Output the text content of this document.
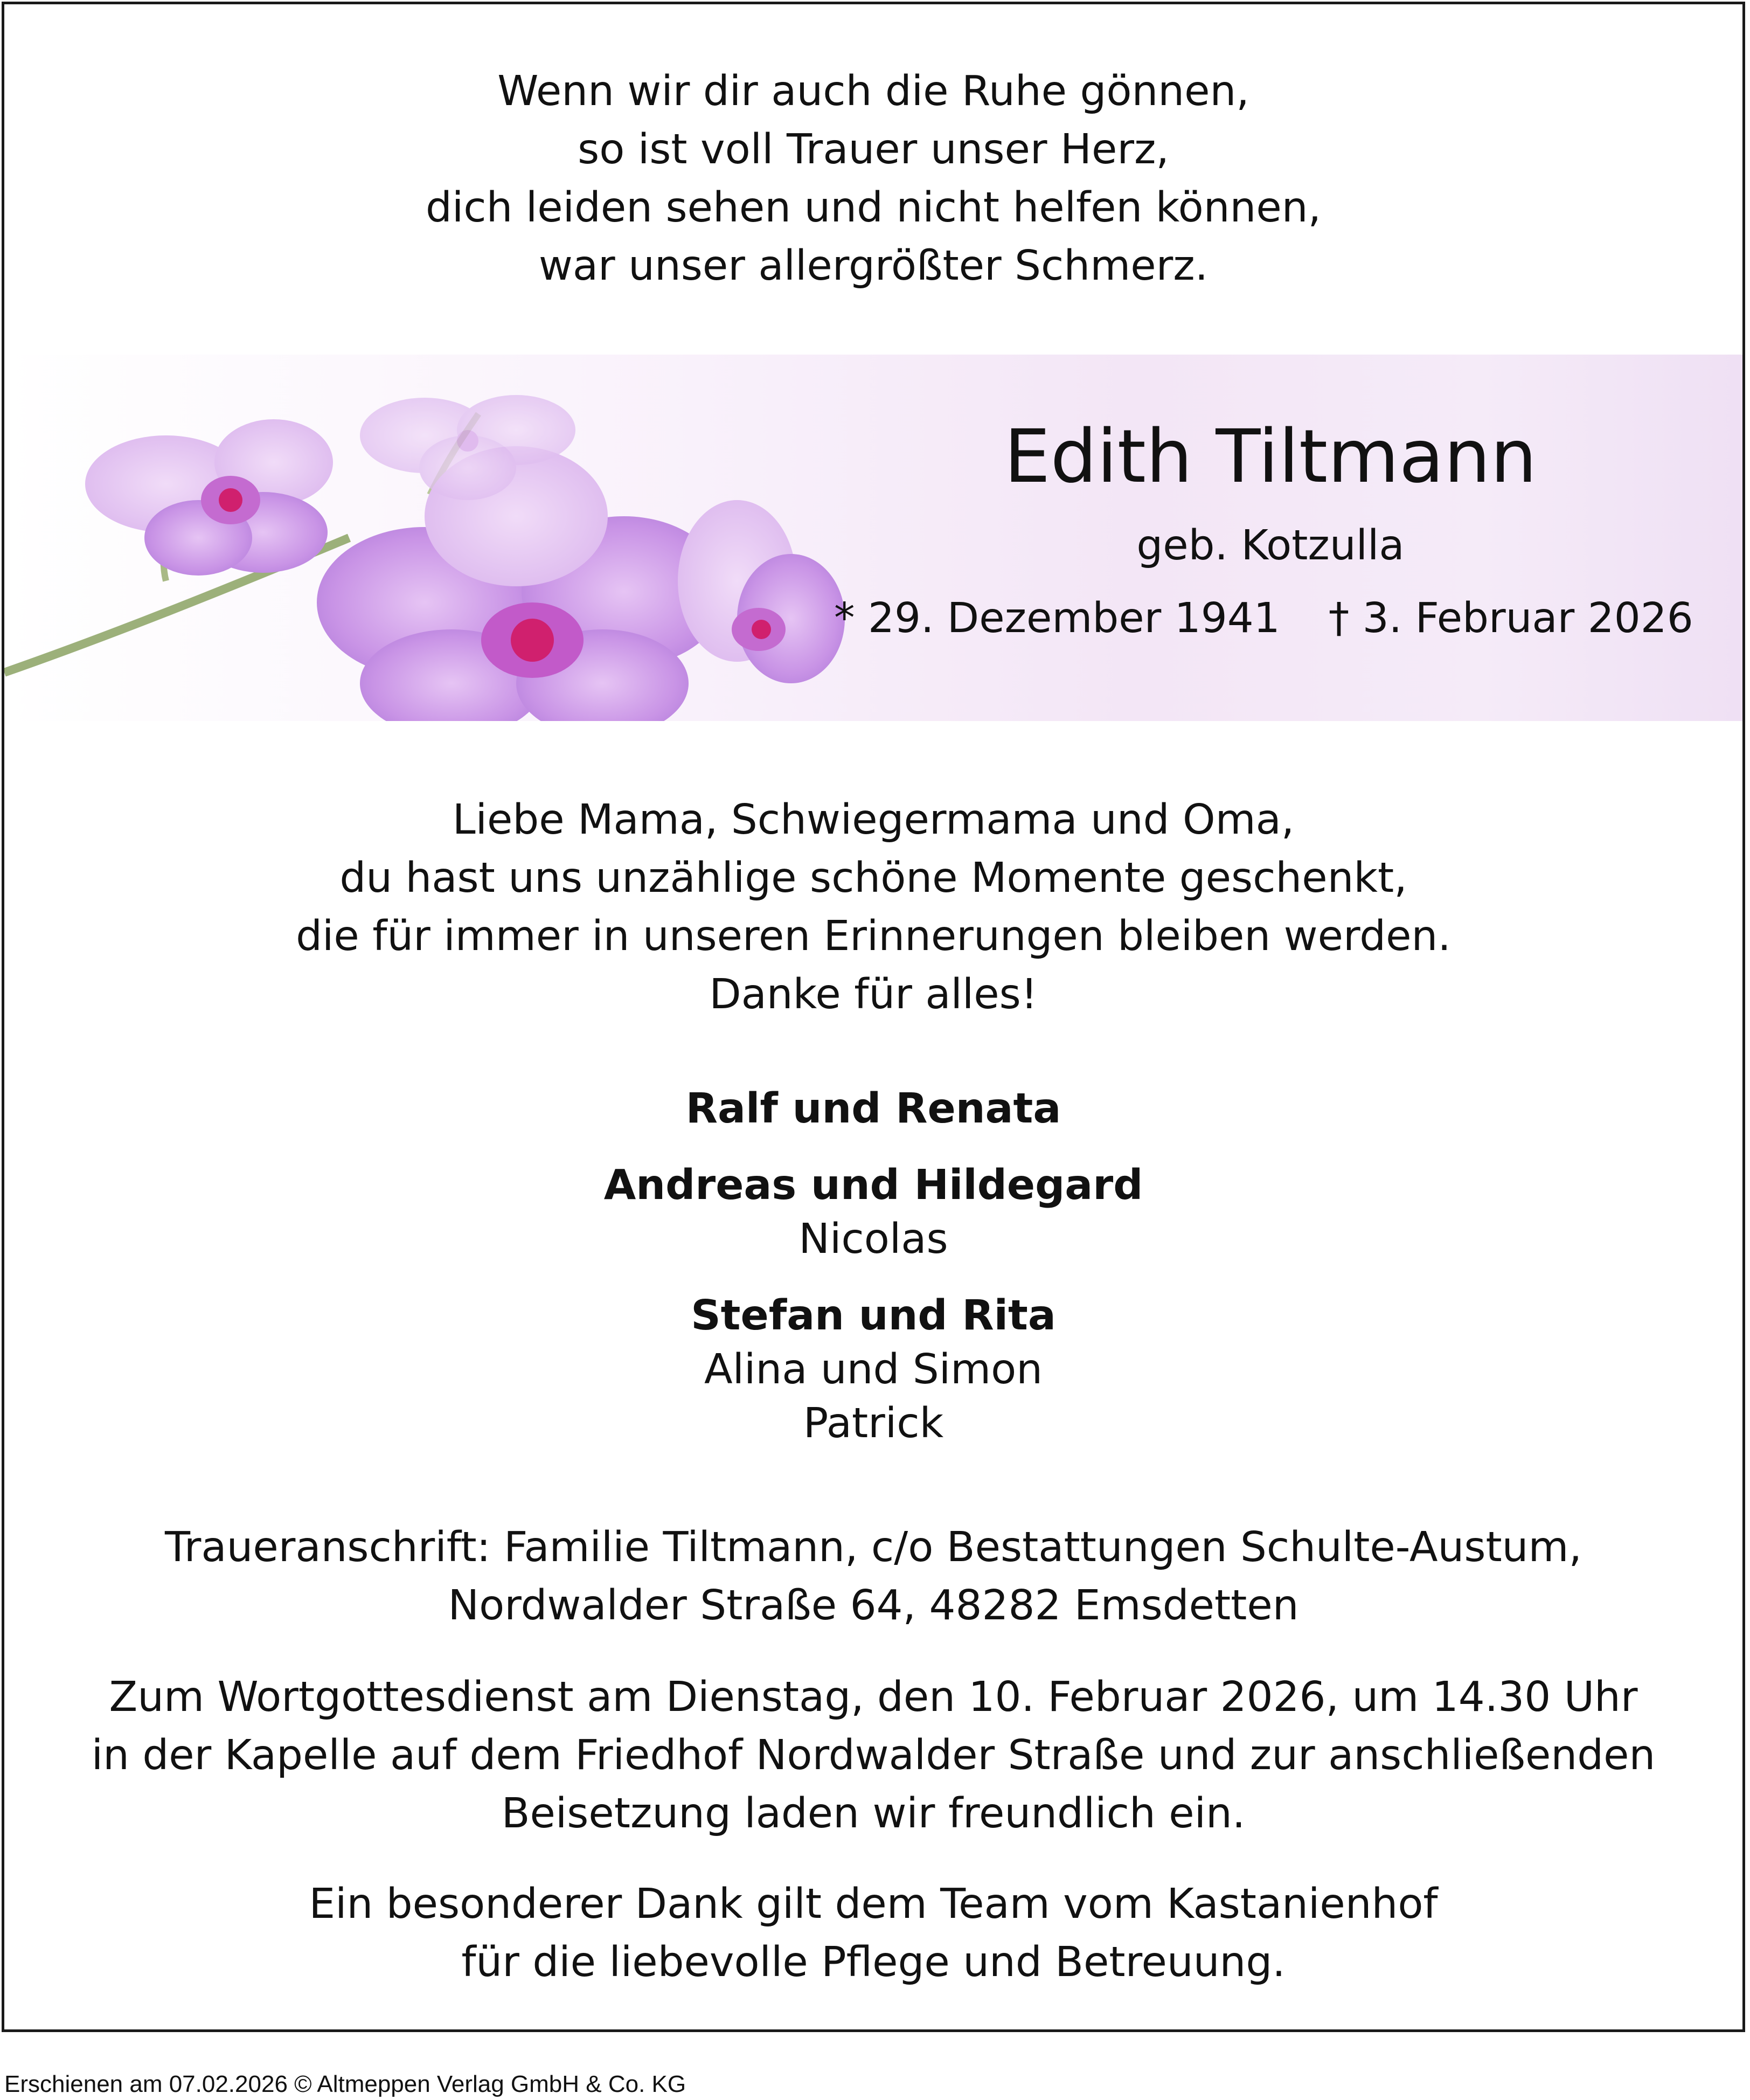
Wenn wir dir auch die Ruhe gönnen,
so ist voll Trauer unser Herz,
dich leiden sehen und nicht helfen können,
war unser allergrößter Schmerz.
Edith Tiltmann
geb. Kotzulla
* 29. Dezember 1941 † 3. Februar 2026
Liebe Mama, Schwiegermama und Oma,
du hast uns unzählige schöne Momente geschenkt,
die für immer in unseren Erinnerungen bleiben werden.
Danke für alles!
Ralf und Renata
Andreas und Hildegard
Nicolas
Stefan und Rita
Alina und Simon
Patrick
Traueranschrift: Familie Tiltmann, c/o Bestattungen Schulte-Austum,
Nordwalder Straße 64, 48282 Emsdetten
Zum Wortgottesdienst am Dienstag, den 10. Februar 2026, um 14.30 Uhr
in der Kapelle auf dem Friedhof Nordwalder Straße und zur anschließenden
Beisetzung laden wir freundlich ein.
Ein besonderer Dank gilt dem Team vom Kastanienhof
für die liebevolle Pflege und Betreuung.
Erschienen am 07.02.2026 © Altmeppen Verlag GmbH & Co. KG
